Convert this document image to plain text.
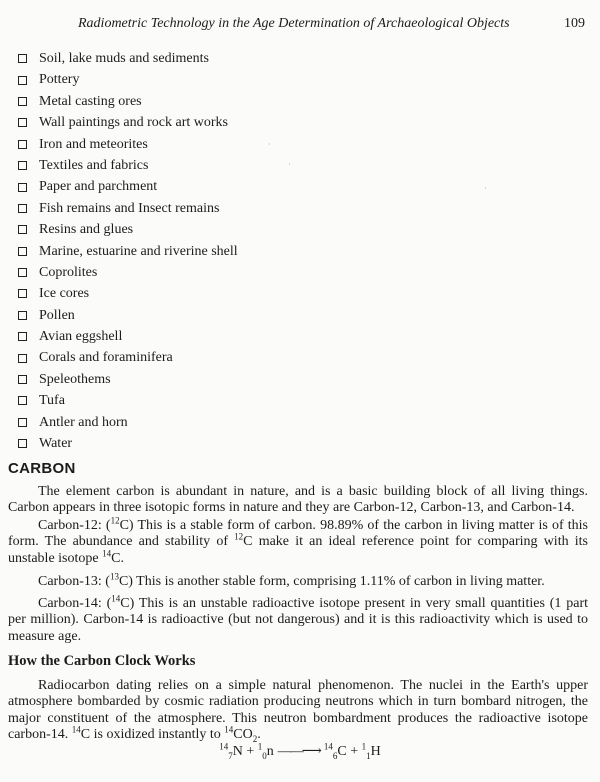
Radiometric Technology in the Age Determination of Archaeological Objects	109
Soil, lake muds and sediments
Pottery
Metal casting ores
Wall paintings and rock art works
Iron and meteorites
Textiles and fabrics
Paper and parchment
Fish remains and Insect remains
Resins and glues
Marine, estuarine and riverine shell
Coprolites
Ice cores
Pollen
Avian eggshell
Corals and foraminifera
Speleothems
Tufa
Antler and horn
Water
·
·
·
CARBON

The element carbon is abundant in nature, and is a basic building block of all living things. Carbon appears in three isotopic forms in nature and they are Carbon-12, Carbon-13, and Carbon-14.

Carbon-12: ($^{12}$C) This is a stable form of carbon. 98.89% of the carbon in living matter is of this form. The abundance and stability of $^{12}$C make it an ideal reference point for comparing with its unstable isotope $^{14}$C.

Carbon-13: ($^{13}$C) This is another stable form, comprising 1.11% of carbon in living matter.

Carbon-14: ($^{14}$C) This is an unstable radioactive isotope present in very small quantities (1 part per million). Carbon-14 is radioactive (but not dangerous) and it is this radioactivity which is used to measure age.

How the Carbon Clock Works

Radiocarbon dating relies on a simple natural phenomenon. The nuclei in the Earth's upper atmosphere bombarded by cosmic radiation producing neutrons which in turn bombard nitrogen, the major constituent of the atmosphere. This neutron bombardment produces the radioactive isotope carbon-14. $^{14}$C is oxidized instantly to $^{14}CO_2$.

$^{14}_7$N + $^1_0$n ——⟶ $^{14}_6$C + $^1_1$H
